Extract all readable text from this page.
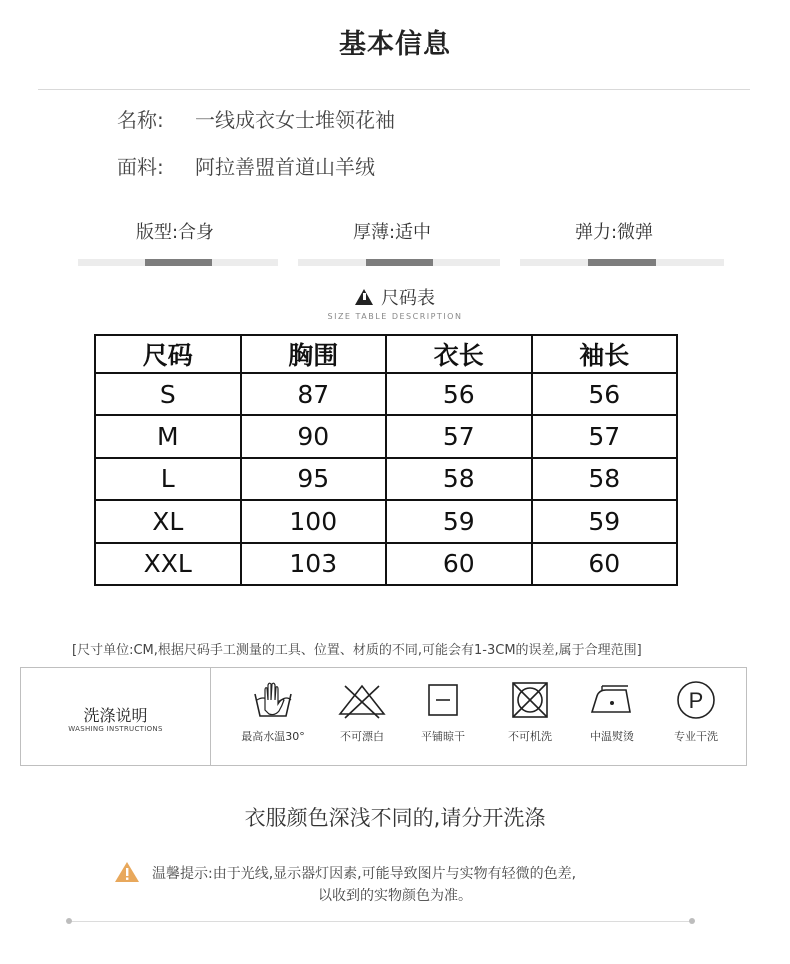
基本信息
名称: 一线成衣女士堆领花袖
面料: 阿拉善盟首道山羊绒
版型:合身	厚薄:适中	弹力:微弹
尺码表
SIZE TABLE DESCRIPTION
尺码	胸围	衣长	袖长
S	87	56	56
M	90	57	57
L	95	58	58
XL	100	59	59
XXL	103	60	60
[尺寸单位:CM,根据尺码手工测量的工具、位置、材质的不同,可能会有1-3CM的误差,属于合理范围]
洗涤说明
WASHING INSTRUCTIONS
最高水温30°	不可漂白	平铺晾干	不可机洗	中温熨烫
P
专业干洗
衣服颜色深浅不同的,请分开洗涤
温馨提示:由于光线,显示器灯因素,可能导致图片与实物有轻微的色差,
以收到的实物颜色为准。
